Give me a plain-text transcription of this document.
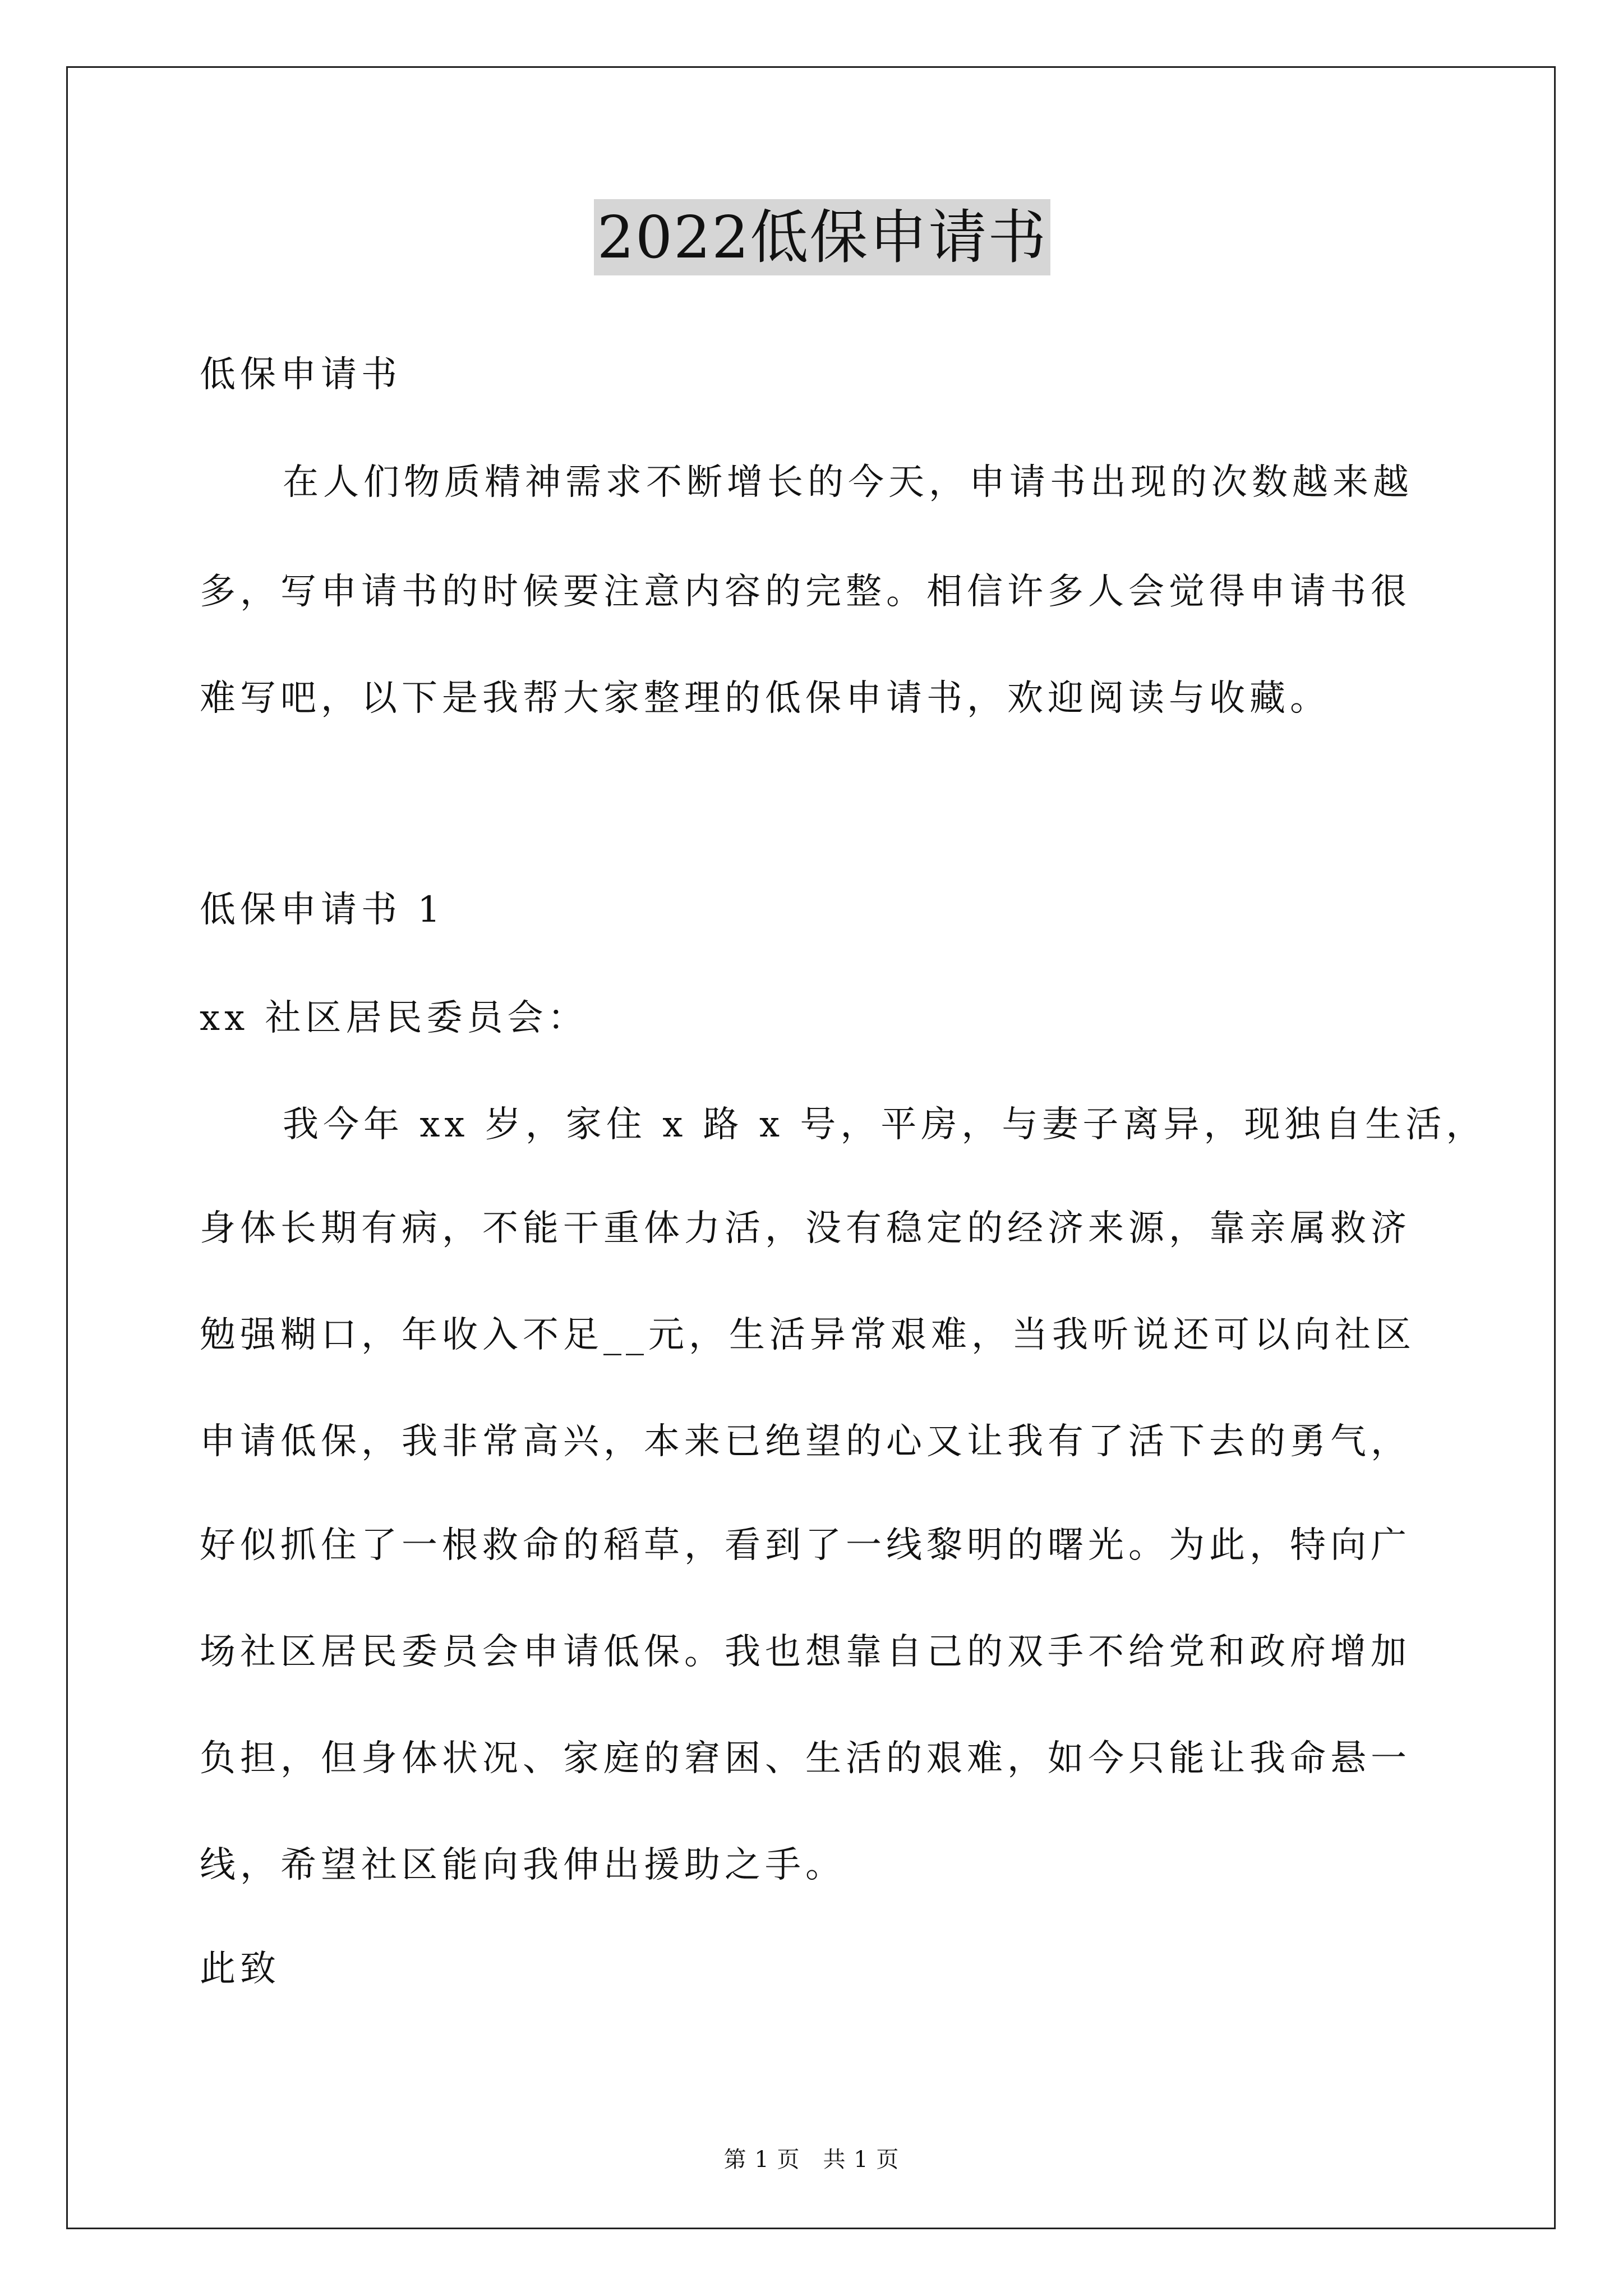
2022低保申请书
低保申请书
在人们物质精神需求不断增长的今天，申请书出现的次数越来越
多，写申请书的时候要注意内容的完整。相信许多人会觉得申请书很
难写吧，以下是我帮大家整理的低保申请书，欢迎阅读与收藏。
低保申请书 1
xx 社区居民委员会：
我今年 xx 岁，家住 x 路 x 号，平房，与妻子离异，现独自生活，
身体长期有病，不能干重体力活，没有稳定的经济来源，靠亲属救济
勉强糊口，年收入不足__元，生活异常艰难，当我听说还可以向社区
申请低保，我非常高兴，本来已绝望的心又让我有了活下去的勇气，
好似抓住了一根救命的稻草，看到了一线黎明的曙光。为此，特向广
场社区居民委员会申请低保。我也想靠自己的双手不给党和政府增加
负担，但身体状况、家庭的窘困、生活的艰难，如今只能让我命悬一
线，希望社区能向我伸出援助之手。
此致
第 1 页　共 1 页
